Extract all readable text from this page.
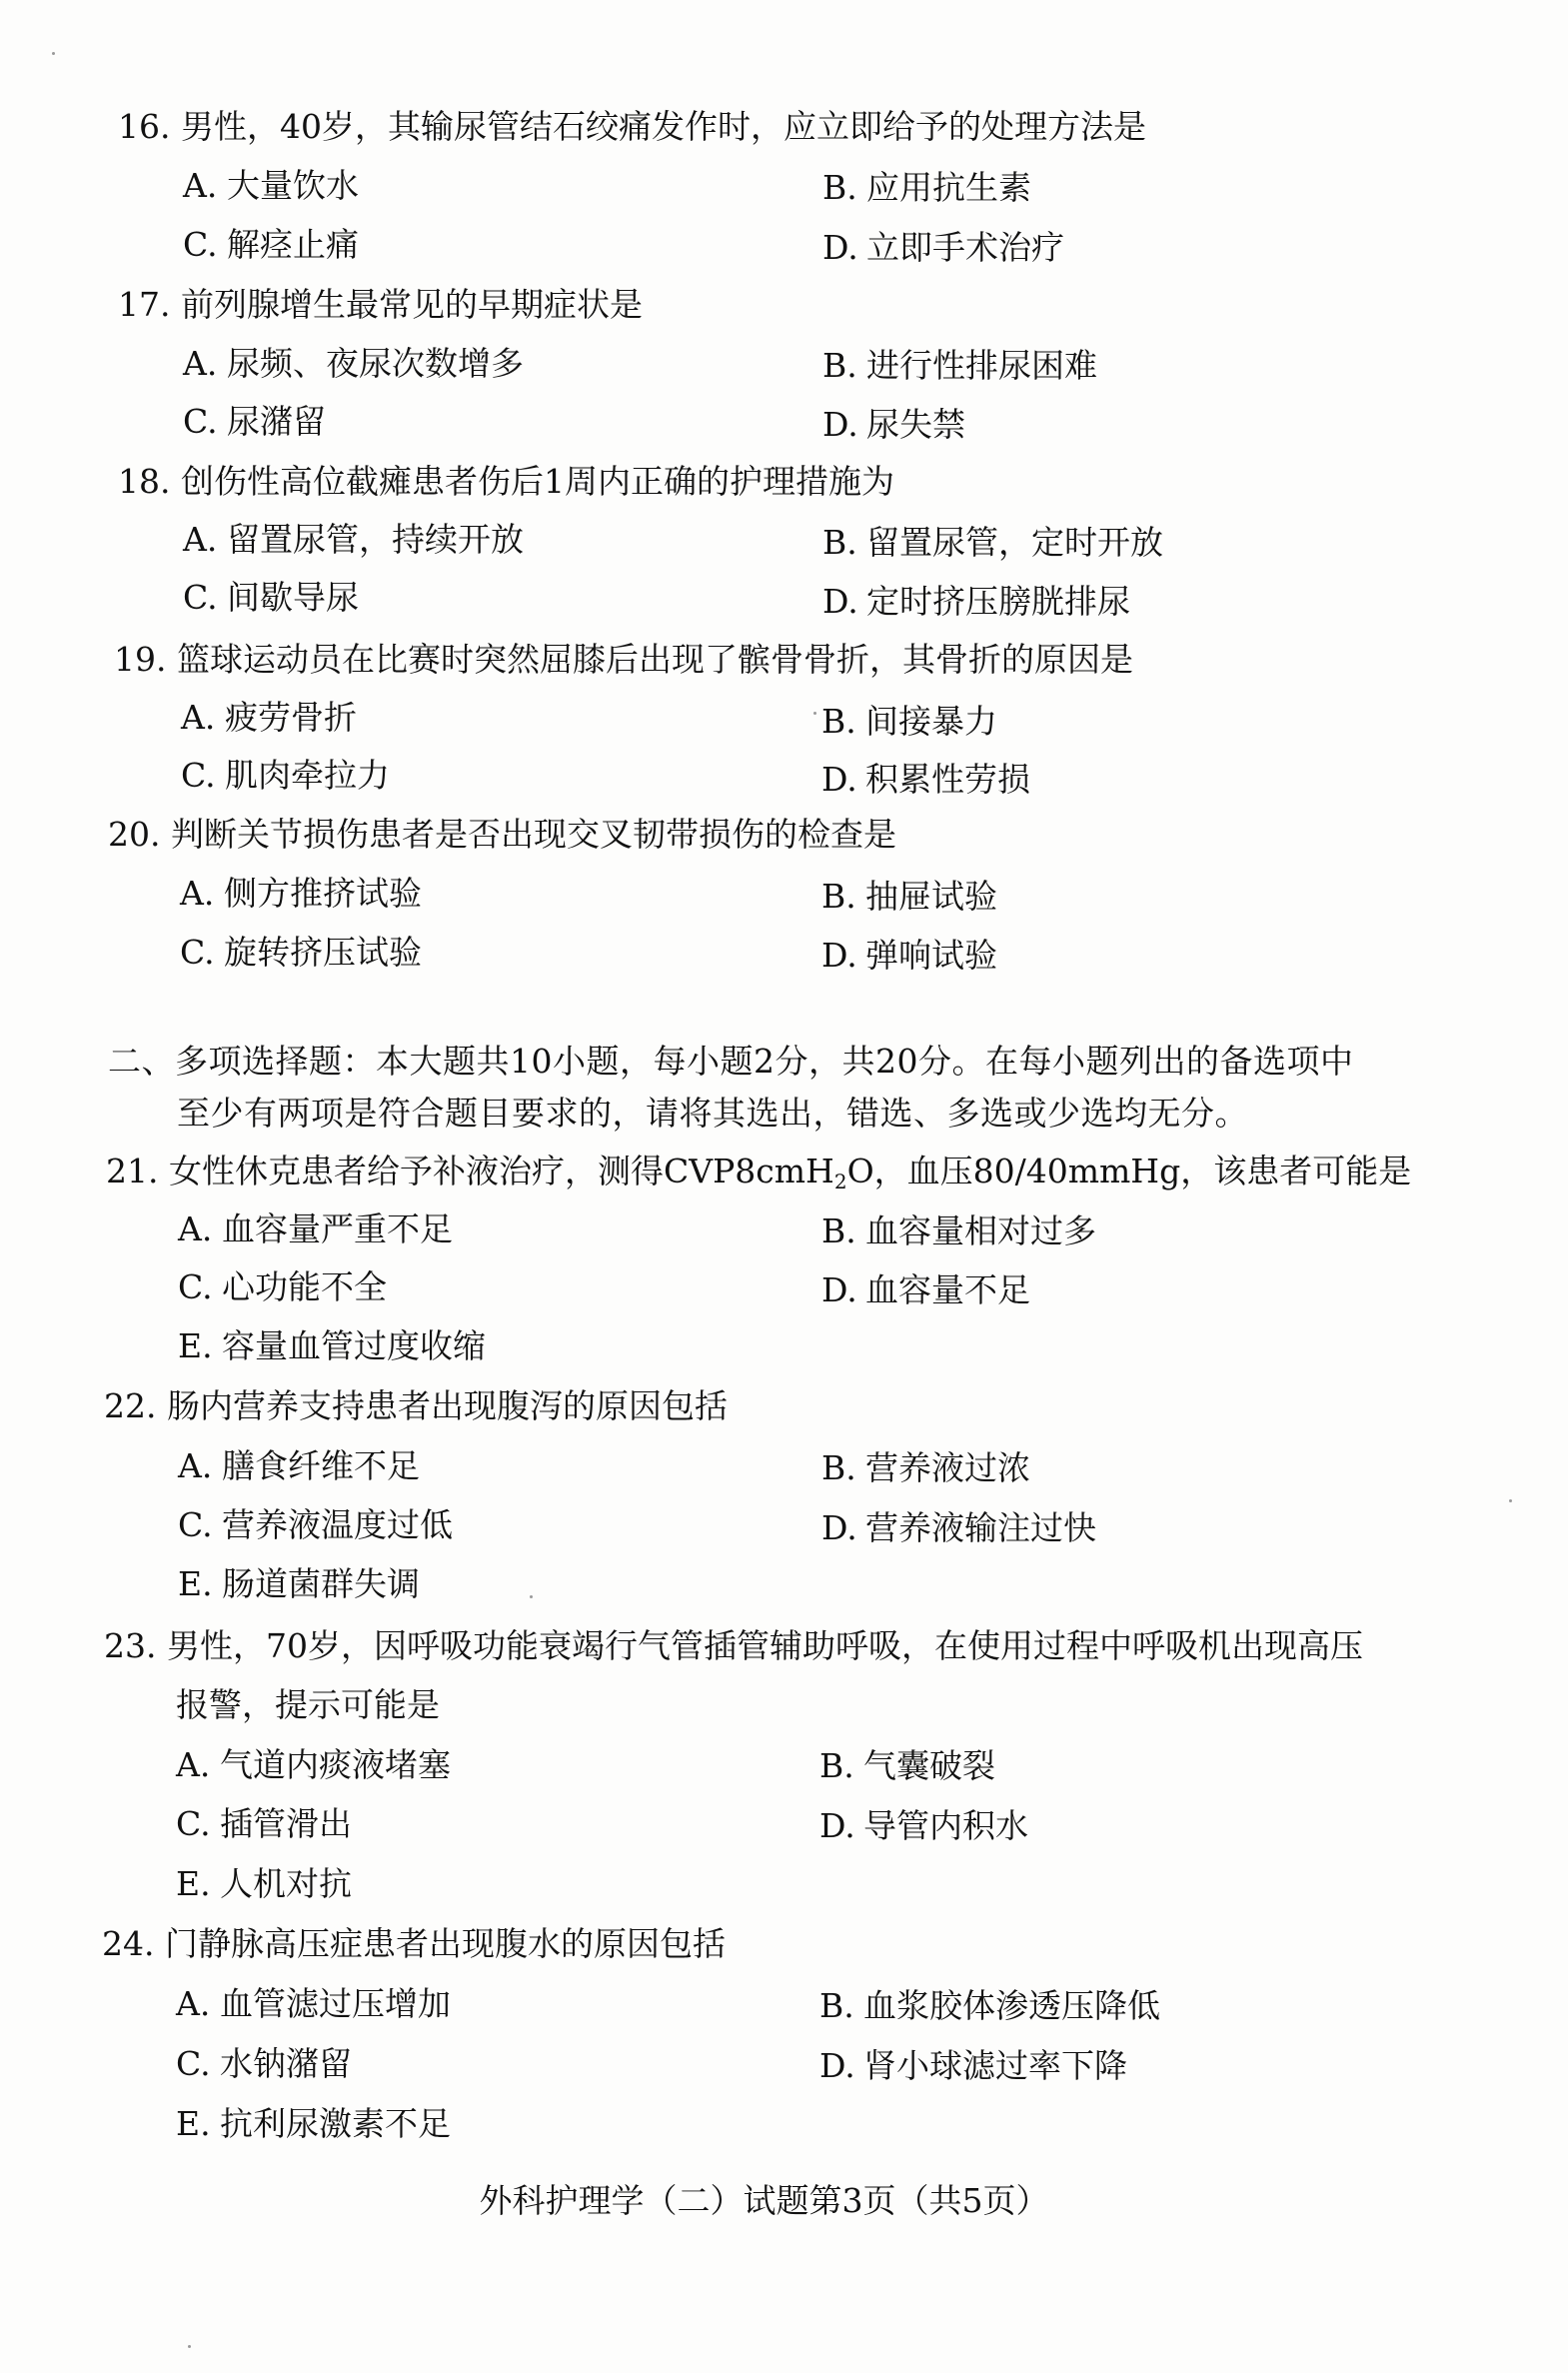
16. 男性，40岁，其输尿管结石绞痛发作时，应立即给予的处理方法是
A. 大量饮水	B. 应用抗生素
C. 解痉止痛	D. 立即手术治疗
17. 前列腺增生最常见的早期症状是
A. 尿频、夜尿次数增多	B. 进行性排尿困难
C. 尿潴留	D. 尿失禁
18. 创伤性高位截瘫患者伤后1周内正确的护理措施为
A. 留置尿管，持续开放	B. 留置尿管，定时开放
C. 间歇导尿	D. 定时挤压膀胱排尿
19. 篮球运动员在比赛时突然屈膝后出现了髌骨骨折，其骨折的原因是
A. 疲劳骨折	B. 间接暴力
C. 肌肉牵拉力	D. 积累性劳损
20. 判断关节损伤患者是否出现交叉韧带损伤的检查是
A. 侧方推挤试验	B. 抽屉试验
C. 旋转挤压试验	D. 弹响试验
二、多项选择题：本大题共10小题，每小题2分，共20分。在每小题列出的备选项中
至少有两项是符合题目要求的，请将其选出，错选、多选或少选均无分。
21. 女性休克患者给予补液治疗，测得CVP8cmH$_2$O，血压80/40mmHg，该患者可能是
A. 血容量严重不足	B. 血容量相对过多
C. 心功能不全	D. 血容量不足
E. 容量血管过度收缩
22. 肠内营养支持患者出现腹泻的原因包括
A. 膳食纤维不足	B. 营养液过浓
C. 营养液温度过低	D. 营养液输注过快
E. 肠道菌群失调
23. 男性，70岁，因呼吸功能衰竭行气管插管辅助呼吸，在使用过程中呼吸机出现高压
报警，提示可能是
A. 气道内痰液堵塞	B. 气囊破裂
C. 插管滑出	D. 导管内积水
E. 人机对抗
24. 门静脉高压症患者出现腹水的原因包括
A. 血管滤过压增加	B. 血浆胶体渗透压降低
C. 水钠潴留	D. 肾小球滤过率下降
E. 抗利尿激素不足
外科护理学（二）试题第3页（共5页）
